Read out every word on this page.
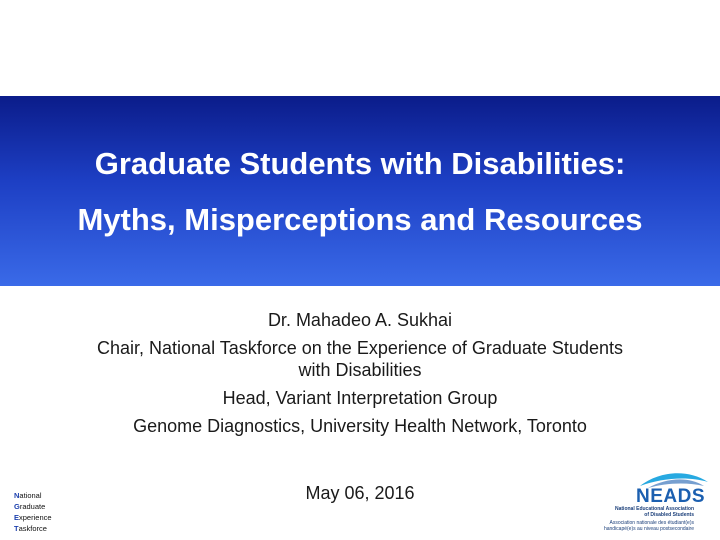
Graduate Students with Disabilities:
Myths, Misperceptions and Resources
Dr. Mahadeo A. Sukhai
Chair, National Taskforce on the Experience of Graduate Students
with Disabilities
Head, Variant Interpretation Group
Genome Diagnostics, University Health Network, Toronto
May 06, 2016
National
Graduate
Experience
Taskforce
NEADS
National Educational Association
of Disabled Students
Association nationale des étudiant(e)s
handicapé(e)s au niveau postsecondaire
